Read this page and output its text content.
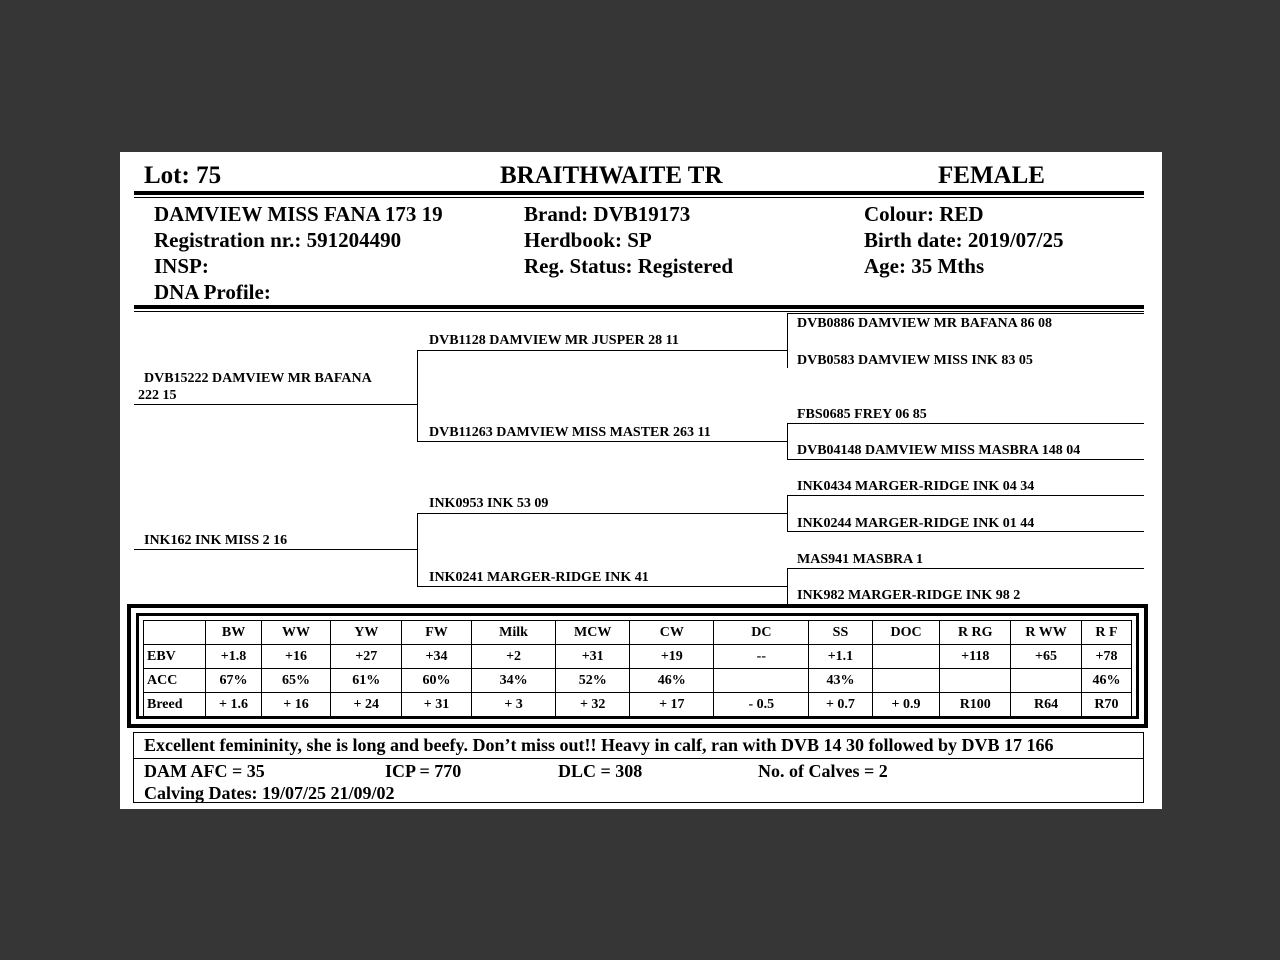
Lot: 75	BRAITHWAITE TR	FEMALE
DAMVIEW MISS FANA 173 19
Registration nr.: 591204490
INSP:
DNA Profile:
Brand: DVB19173
Herdbook: SP
Reg. Status: Registered
Colour: RED
Birth date: 2019/07/25
Age: 35 Mths
DVB15222 DAMVIEW MR BAFANA
222 15
INK162 INK MISS 2 16
DVB1128 DAMVIEW MR JUSPER 28 11
DVB11263 DAMVIEW MISS MASTER 263 11
INK0953 INK 53 09
INK0241 MARGER-RIDGE INK 41
DVB0886 DAMVIEW MR BAFANA 86 08
DVB0583 DAMVIEW MISS INK 83 05
FBS0685 FREY 06 85
DVB04148 DAMVIEW MISS MASBRA 148 04
INK0434 MARGER-RIDGE INK 04 34
INK0244 MARGER-RIDGE INK 01 44
MAS941 MASBRA 1
INK982 MARGER-RIDGE INK 98 2
	BW	WW	YW	FW	Milk	MCW	CW	DC	SS	DOC	R RG	R WW	R F
EBV	+1.8	+16	+27	+34	+2	+31	+19	--	+1.1		+118	+65	+78
ACC	67%	65%	61%	60%	34%	52%	46%		43%				46%
Breed	+ 1.6	+ 16	+ 24	+ 31	+ 3	+ 32	+ 17	- 0.5	+ 0.7	+ 0.9	R100	R64	R70
Excellent femininity, she is long and beefy. Don’t miss out!! Heavy in calf, ran with DVB 14 30 followed by DVB 17 166
DAM AFC = 35	ICP = 770	DLC = 308	No. of Calves = 2
Calving Dates: 19/07/25 21/09/02
